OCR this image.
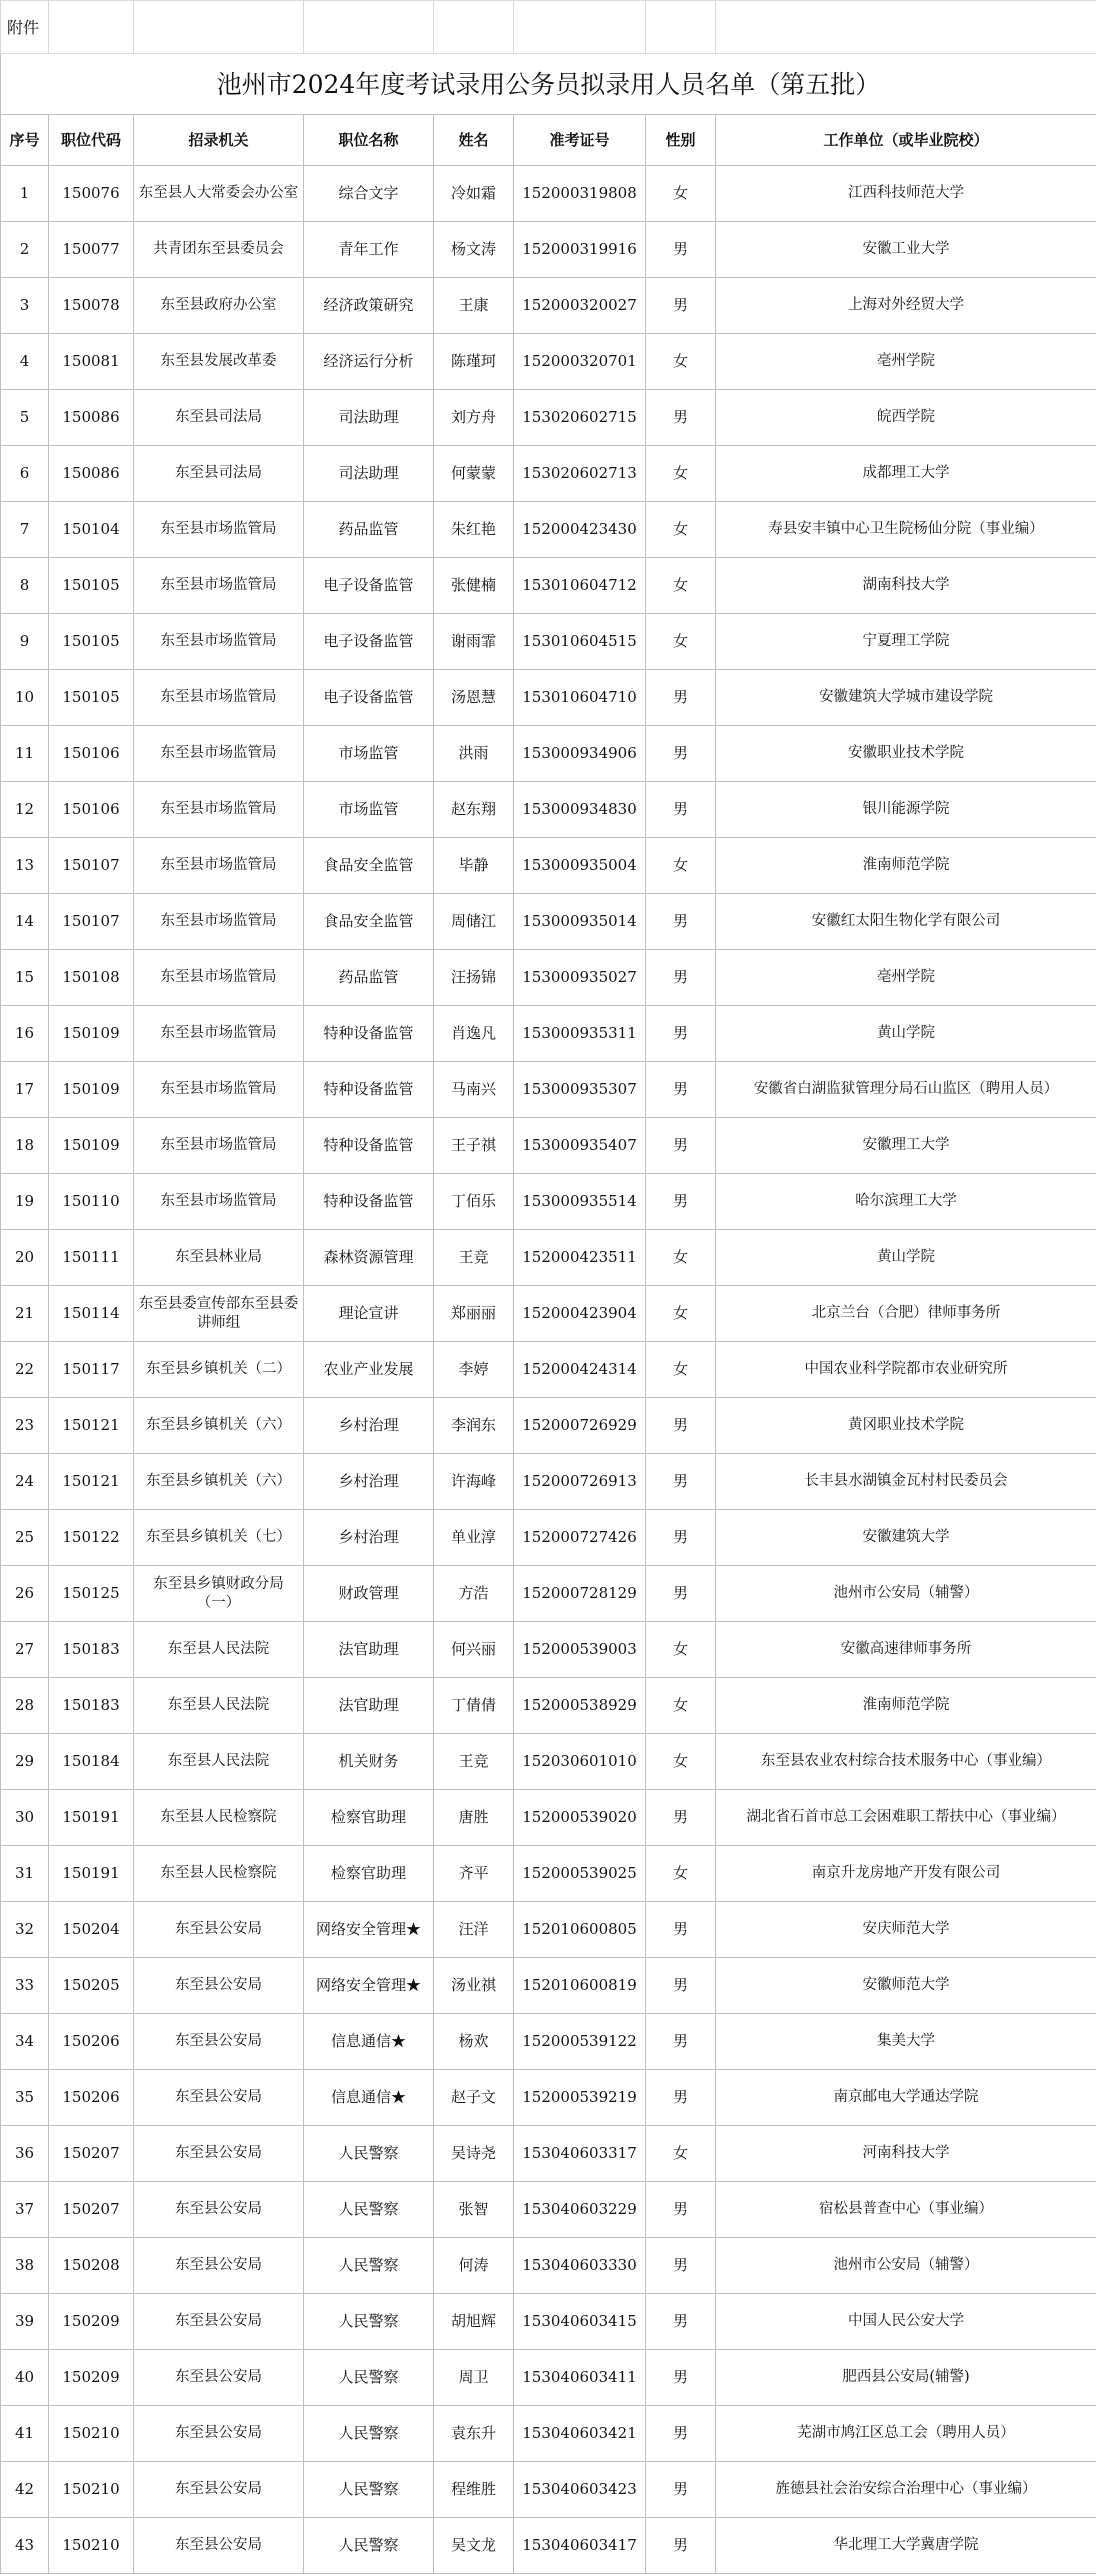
附件							
池州市2024年度考试录用公务员拟录用人员名单（第五批）							
序号	职位代码	招录机关	职位名称	姓名	准考证号	性别	工作单位（或毕业院校）
1	150076	东至县人大常委会办公室	综合文字	冷如霜	152000319808	女	江西科技师范大学
2	150077	共青团东至县委员会	青年工作	杨文涛	152000319916	男	安徽工业大学
3	150078	东至县政府办公室	经济政策研究	王康	152000320027	男	上海对外经贸大学
4	150081	东至县发展改革委	经济运行分析	陈瑾珂	152000320701	女	亳州学院
5	150086	东至县司法局	司法助理	刘方舟	153020602715	男	皖西学院
6	150086	东至县司法局	司法助理	何蒙蒙	153020602713	女	成都理工大学
7	150104	东至县市场监管局	药品监管	朱红艳	152000423430	女	寿县安丰镇中心卫生院杨仙分院（事业编）
8	150105	东至县市场监管局	电子设备监管	张健楠	153010604712	女	湖南科技大学
9	150105	东至县市场监管局	电子设备监管	谢雨霏	153010604515	女	宁夏理工学院
10	150105	东至县市场监管局	电子设备监管	汤恩慧	153010604710	男	安徽建筑大学城市建设学院
11	150106	东至县市场监管局	市场监管	洪雨	153000934906	男	安徽职业技术学院
12	150106	东至县市场监管局	市场监管	赵东翔	153000934830	男	银川能源学院
13	150107	东至县市场监管局	食品安全监管	毕静	153000935004	女	淮南师范学院
14	150107	东至县市场监管局	食品安全监管	周储江	153000935014	男	安徽红太阳生物化学有限公司
15	150108	东至县市场监管局	药品监管	汪扬锦	153000935027	男	亳州学院
16	150109	东至县市场监管局	特种设备监管	肖逸凡	153000935311	男	黄山学院
17	150109	东至县市场监管局	特种设备监管	马南兴	153000935307	男	安徽省白湖监狱管理分局石山监区（聘用人员）
18	150109	东至县市场监管局	特种设备监管	王子祺	153000935407	男	安徽理工大学
19	150110	东至县市场监管局	特种设备监管	丁佰乐	153000935514	男	哈尔滨理工大学
20	150111	东至县林业局	森林资源管理	王竞	152000423511	女	黄山学院
21	150114	东至县委宣传部东至县委讲师组	理论宣讲	郑丽丽	152000423904	女	北京兰台（合肥）律师事务所
22	150117	东至县乡镇机关（二）	农业产业发展	李婷	152000424314	女	中国农业科学院都市农业研究所
23	150121	东至县乡镇机关（六）	乡村治理	李润东	152000726929	男	黄冈职业技术学院
24	150121	东至县乡镇机关（六）	乡村治理	许海峰	152000726913	男	长丰县水湖镇金瓦村村民委员会
25	150122	东至县乡镇机关（七）	乡村治理	单业淳	152000727426	男	安徽建筑大学
26	150125	东至县乡镇财政分局（一）	财政管理	方浩	152000728129	男	池州市公安局（辅警）
27	150183	东至县人民法院	法官助理	何兴丽	152000539003	女	安徽高速律师事务所
28	150183	东至县人民法院	法官助理	丁倩倩	152000538929	女	淮南师范学院
29	150184	东至县人民法院	机关财务	王竞	152030601010	女	东至县农业农村综合技术服务中心（事业编）
30	150191	东至县人民检察院	检察官助理	唐胜	152000539020	男	湖北省石首市总工会困难职工帮扶中心（事业编）
31	150191	东至县人民检察院	检察官助理	齐平	152000539025	女	南京升龙房地产开发有限公司
32	150204	东至县公安局	网络安全管理★	汪洋	152010600805	男	安庆师范大学
33	150205	东至县公安局	网络安全管理★	汤业祺	152010600819	男	安徽师范大学
34	150206	东至县公安局	信息通信★	杨欢	152000539122	男	集美大学
35	150206	东至县公安局	信息通信★	赵子文	152000539219	男	南京邮电大学通达学院
36	150207	东至县公安局	人民警察	吴诗尧	153040603317	女	河南科技大学
37	150207	东至县公安局	人民警察	张智	153040603229	男	宿松县普查中心（事业编）
38	150208	东至县公安局	人民警察	何涛	153040603330	男	池州市公安局（辅警）
39	150209	东至县公安局	人民警察	胡旭辉	153040603415	男	中国人民公安大学
40	150209	东至县公安局	人民警察	周卫	153040603411	男	肥西县公安局(辅警)
41	150210	东至县公安局	人民警察	袁东升	153040603421	男	芜湖市鸠江区总工会（聘用人员）
42	150210	东至县公安局	人民警察	程维胜	153040603423	男	旌德县社会治安综合治理中心（事业编）
43	150210	东至县公安局	人民警察	吴文龙	153040603417	男	华北理工大学冀唐学院
